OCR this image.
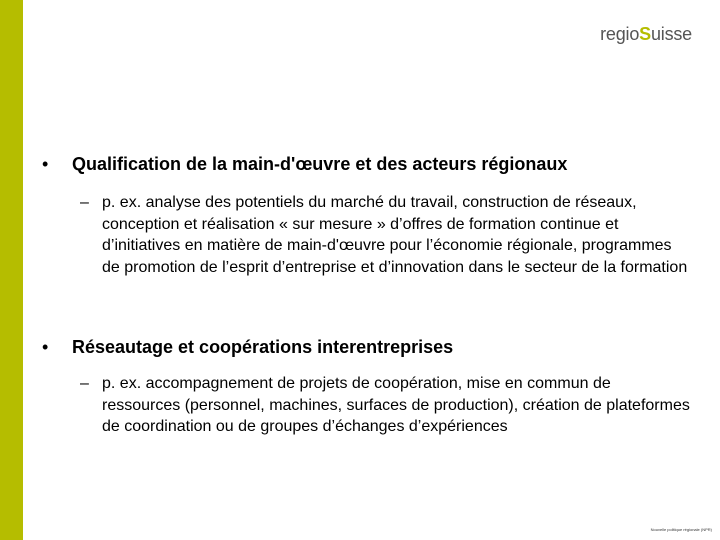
regio S uisse
•	Qualification de la main-d'œuvre et des acteurs régionaux
– p. ex. analyse des potentiels du marché du travail, construction de réseaux, conception et réalisation « sur mesure » d’offres de formation continue et d’initiatives en matière de main-d'œuvre pour l’économie régionale, programmes de promotion de l’esprit d’entreprise et d’innovation dans le secteur de la formation
•	Réseautage et coopérations interentreprises
– p. ex. accompagnement de projets de coopération, mise en commun de ressources (personnel, machines, surfaces de production), création de plateformes de coordination ou de groupes d’échanges d’expériences
Nouvelle politique régionale (NPR)
